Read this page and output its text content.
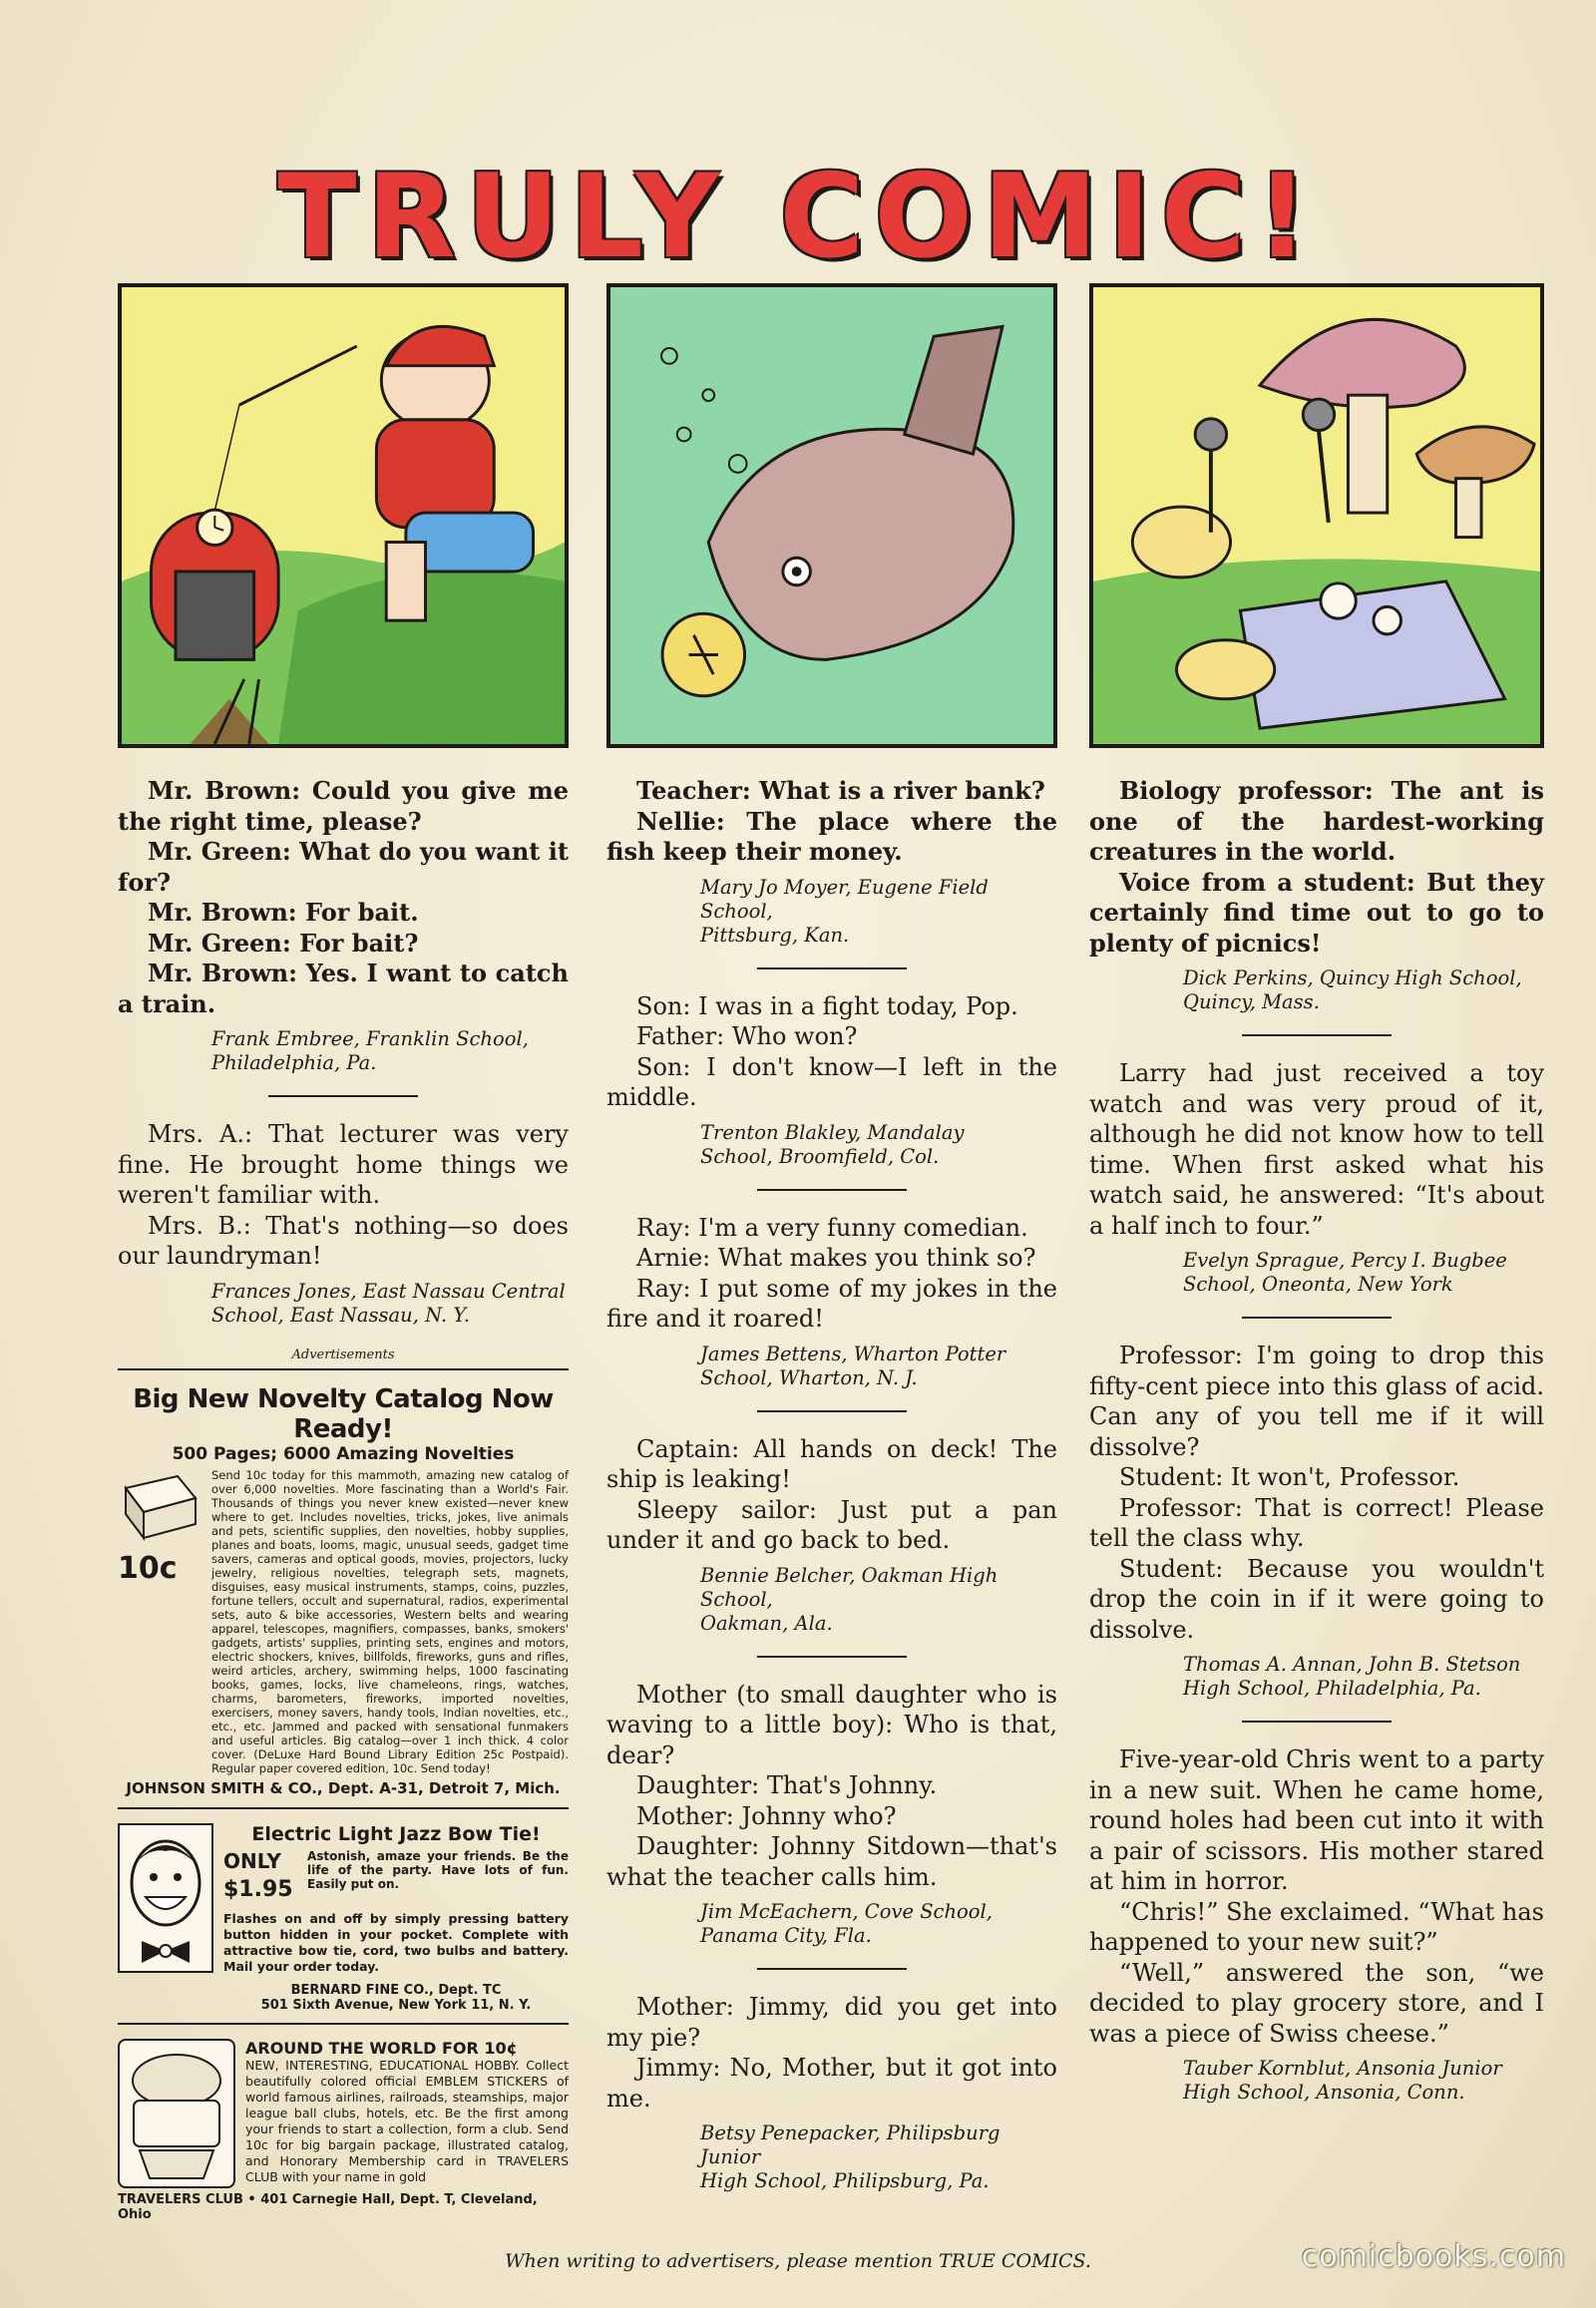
TRULY COMIC!

Mr. Brown: Could you give me the right time, please?

Mr. Green: What do you want it for?

Mr. Brown: For bait.

Mr. Green: For bait?

Mr. Brown: Yes. I want to catch a train.

Frank Embree, Franklin School,
Philadelphia, Pa.

Mrs. A.: That lecturer was very fine. He brought home things we weren't familiar with.

Mrs. B.: That's nothing—so does our laundryman!

Frances Jones, East Nassau Central
School, East Nassau, N. Y.
Advertisements
Big New Novelty Catalog Now Ready!
500 Pages; 6000 Amazing Novelties
10c
Send 10c today for this mammoth, amazing new catalog of over 6,000 novelties. More fascinating than a World's Fair. Thousands of things you never knew existed—never knew where to get. Includes novelties, tricks, jokes, live animals and pets, scientific supplies, den novelties, hobby supplies, planes and boats, looms, magic, unusual seeds, gadget time savers, cameras and optical goods, movies, projectors, lucky jewelry, religious novelties, telegraph sets, magnets, disguises, easy musical instruments, stamps, coins, puzzles, fortune tellers, occult and supernatural, radios, experimental sets, auto & bike accessories, Western belts and wearing apparel, telescopes, magnifiers, compasses, banks, smokers' gadgets, artists' supplies, printing sets, engines and motors, electric shockers, knives, billfolds, fireworks, guns and rifles, weird articles, archery, swimming helps, 1000 fascinating books, games, locks, live chameleons, rings, watches, charms, barometers, fireworks, imported novelties, exercisers, money savers, handy tools, Indian novelties, etc., etc., etc. Jammed and packed with sensational funmakers and useful articles. Big catalog—over 1 inch thick. 4 color cover. (DeLuxe Hard Bound Library Edition 25c Postpaid). Regular paper covered edition, 10c. Send today!
JOHNSON SMITH & CO., Dept. A-31, Detroit 7, Mich.
Electric Light Jazz Bow Tie!
ONLY
$1.95
Astonish, amaze your friends. Be the life of the party. Have lots of fun. Easily put on.
Flashes on and off by simply pressing battery button hidden in your pocket. Complete with attractive bow tie, cord, two bulbs and battery. Mail your order today.
BERNARD FINE CO., Dept. TC
501 Sixth Avenue, New York 11, N. Y.
AROUND THE WORLD FOR 10¢
NEW, INTERESTING, EDUCATIONAL HOBBY. Collect beautifully colored official EMBLEM STICKERS of world famous airlines, railroads, steamships, major league ball clubs, hotels, etc. Be the first among your friends to start a collection, form a club. Send 10c for big bargain package, illustrated catalog, and Honorary Membership card in TRAVELERS CLUB with your name in gold
TRAVELERS CLUB • 401 Carnegie Hall, Dept. T, Cleveland, Ohio

Teacher: What is a river bank?

Nellie: The place where the fish keep their money.

Mary Jo Moyer, Eugene Field School,
Pittsburg, Kan.

Son: I was in a fight today, Pop.

Father: Who won?

Son: I don't know—I left in the middle.

Trenton Blakley, Mandalay
School, Broomfield, Col.

Ray: I'm a very funny comedian.

Arnie: What makes you think so?

Ray: I put some of my jokes in the fire and it roared!

James Bettens, Wharton Potter
School, Wharton, N. J.

Captain: All hands on deck! The ship is leaking!

Sleepy sailor: Just put a pan under it and go back to bed.

Bennie Belcher, Oakman High School,
Oakman, Ala.

Mother (to small daughter who is waving to a little boy): Who is that, dear?

Daughter: That's Johnny.

Mother: Johnny who?

Daughter: Johnny Sitdown—that's what the teacher calls him.

Jim McEachern, Cove School,
Panama City, Fla.

Mother: Jimmy, did you get into my pie?

Jimmy: No, Mother, but it got into me.

Betsy Penepacker, Philipsburg Junior
High School, Philipsburg, Pa.

Biology professor: The ant is one of the hardest-working creatures in the world.

Voice from a student: But they certainly find time out to go to plenty of picnics!

Dick Perkins, Quincy High School,
Quincy, Mass.

Larry had just received a toy watch and was very proud of it, although he did not know how to tell time. When first asked what his watch said, he answered: “It's about a half inch to four.”

Evelyn Sprague, Percy I. Bugbee
School, Oneonta, New York

Professor: I'm going to drop this fifty-cent piece into this glass of acid. Can any of you tell me if it will dissolve?

Student: It won't, Professor.

Professor: That is correct! Please tell the class why.

Student: Because you wouldn't drop the coin in if it were going to dissolve.

Thomas A. Annan, John B. Stetson
High School, Philadelphia, Pa.

Five-year-old Chris went to a party in a new suit. When he came home, round holes had been cut into it with a pair of scissors. His mother stared at him in horror.

“Chris!” She exclaimed. “What has happened to your new suit?”

“Well,” answered the son, “we decided to play grocery store, and I was a piece of Swiss cheese.”

Tauber Kornblut, Ansonia Junior
High School, Ansonia, Conn.
When writing to advertisers, please mention TRUE COMICS.	comicbooks.com
